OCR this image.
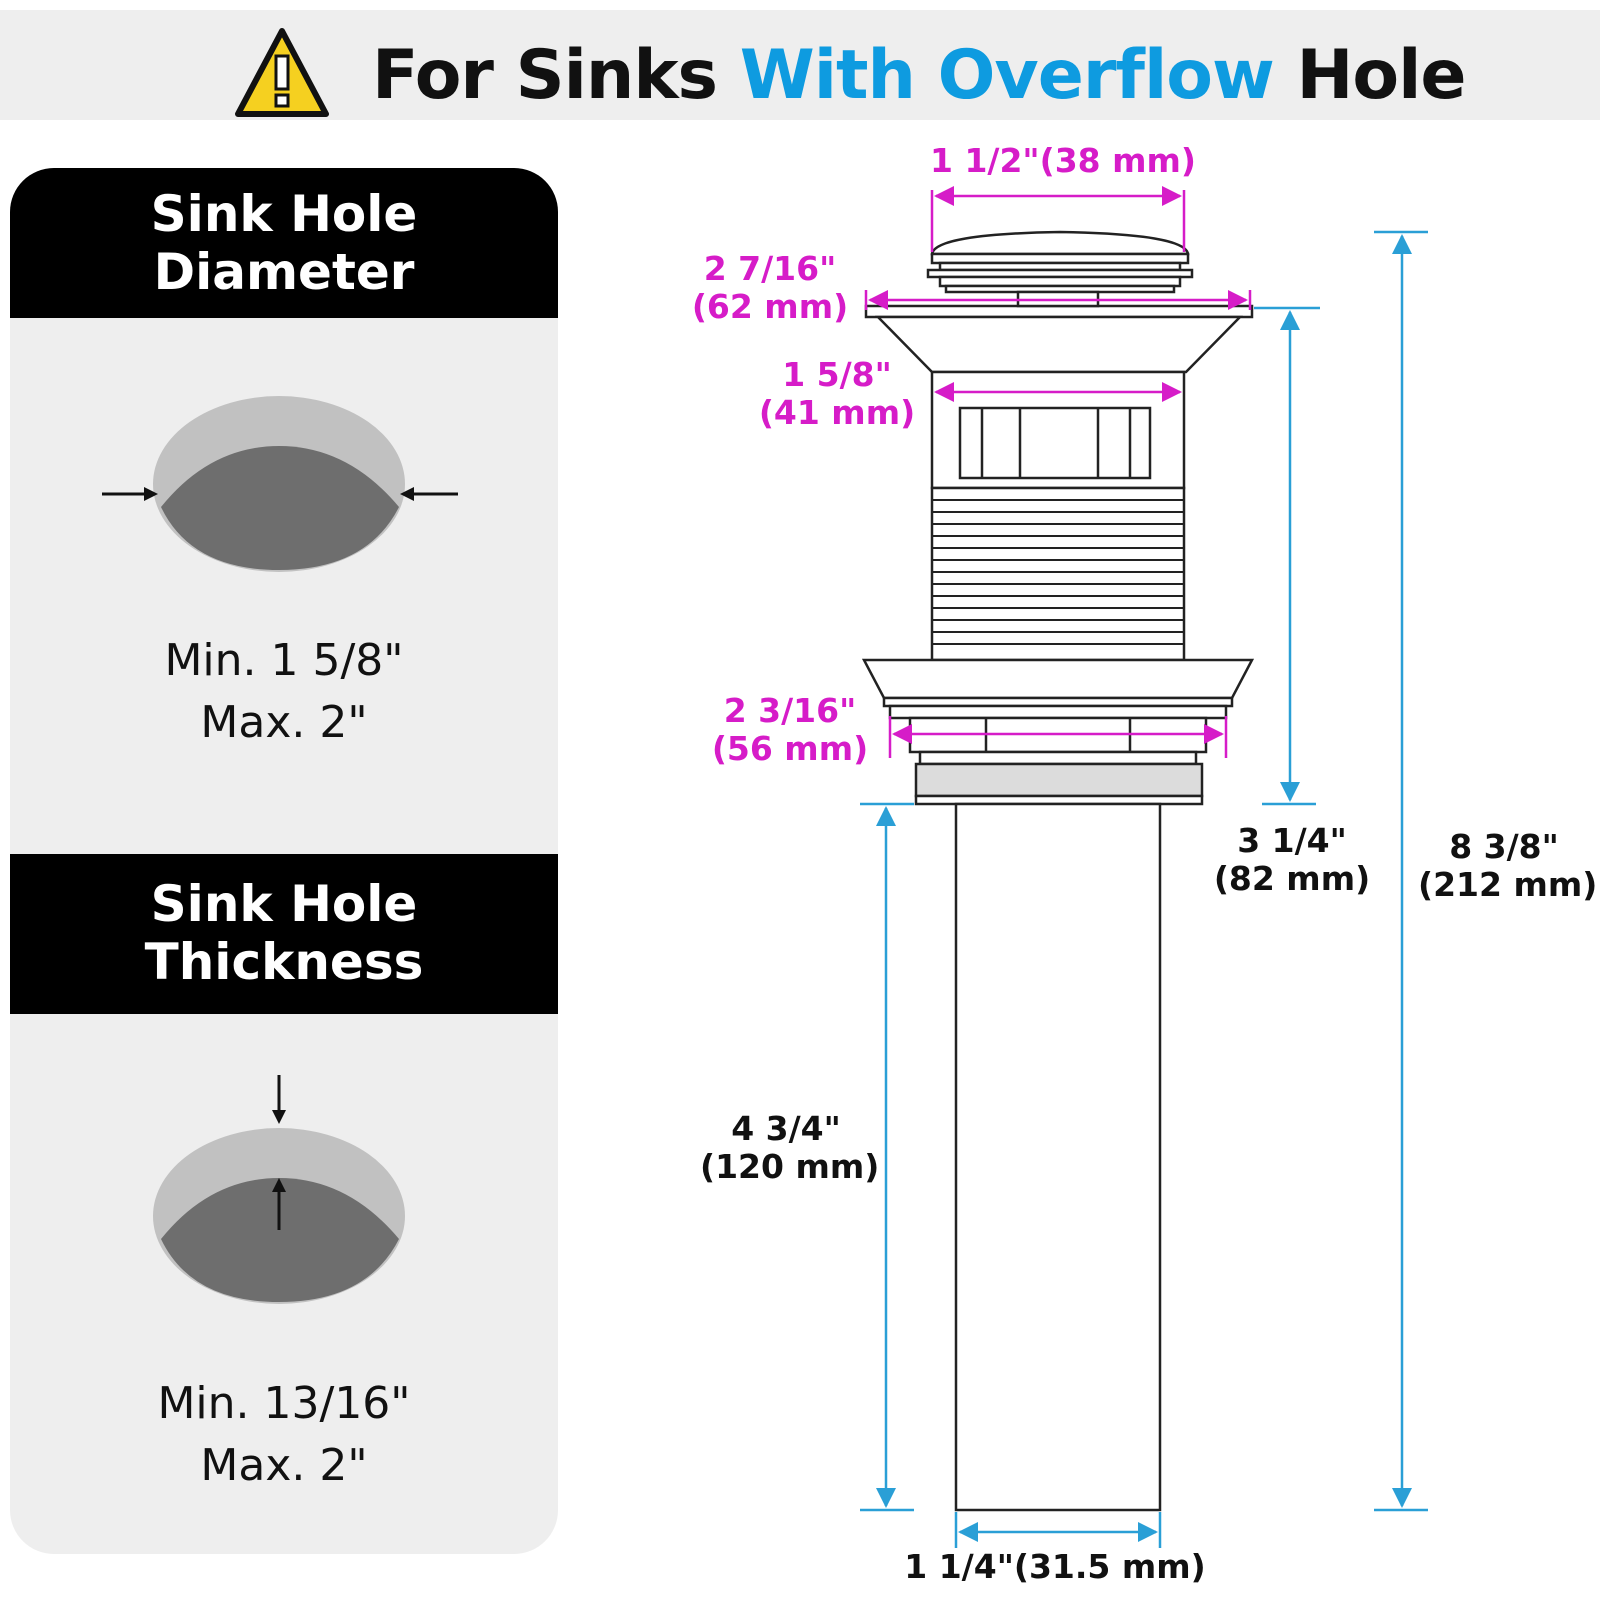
For Sinks With Overflow Hole
Sink Hole
Diameter
Min. 1 5/8"
Max. 2"
Sink Hole
Thickness
Min. 13/16"
Max. 2"
1 1/2"(38 mm)
2 7/16"
(62 mm)
1 5/8"
(41 mm)
2 3/16"
(56 mm)
3 1/4"
(82 mm)
8 3/8"
(212 mm)
4 3/4"
(120 mm)
1 1/4"(31.5 mm)
